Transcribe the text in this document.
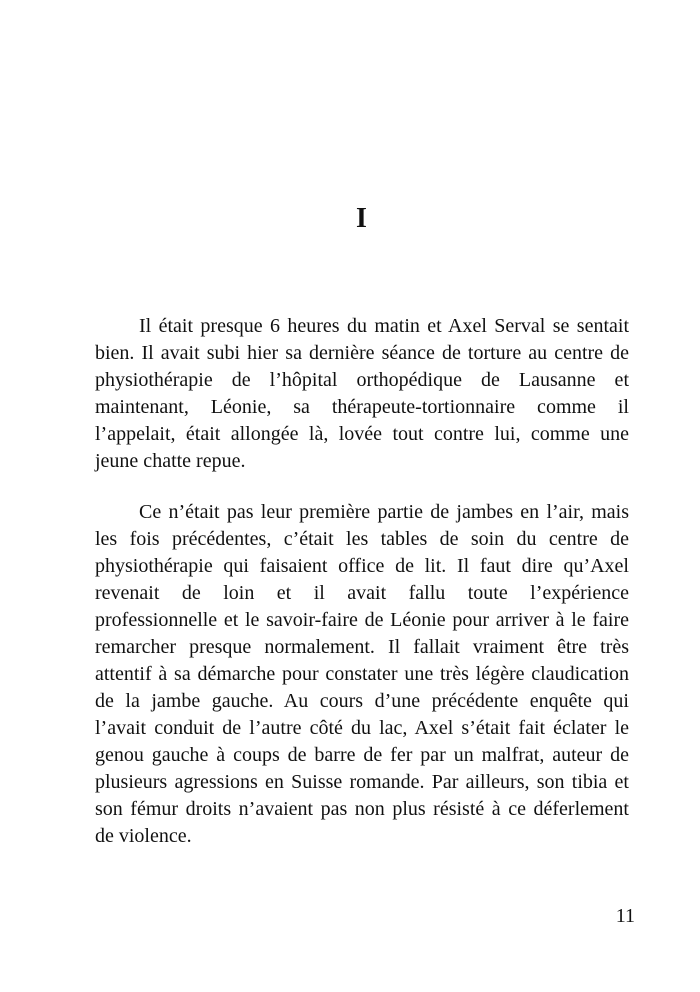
I
Il était presque 6 heures du matin et Axel Serval se sentait
bien. Il avait subi hier sa dernière séance de torture au centre de
physiothérapie de l’hôpital orthopédique de Lausanne et
maintenant, Léonie, sa thérapeute-tortionnaire comme il
l’appelait, était allongée là, lovée tout contre lui, comme une
jeune chatte repue.
Ce n’était pas leur première partie de jambes en l’air, mais
les fois précédentes, c’était les tables de soin du centre de
physiothérapie qui faisaient office de lit. Il faut dire qu’Axel
revenait de loin et il avait fallu toute l’expérience
professionnelle et le savoir-faire de Léonie pour arriver à le faire
remarcher presque normalement. Il fallait vraiment être très
attentif à sa démarche pour constater une très légère claudication
de la jambe gauche. Au cours d’une précédente enquête qui
l’avait conduit de l’autre côté du lac, Axel s’était fait éclater le
genou gauche à coups de barre de fer par un malfrat, auteur de
plusieurs agressions en Suisse romande. Par ailleurs, son tibia et
son fémur droits n’avaient pas non plus résisté à ce déferlement
de violence.
11
